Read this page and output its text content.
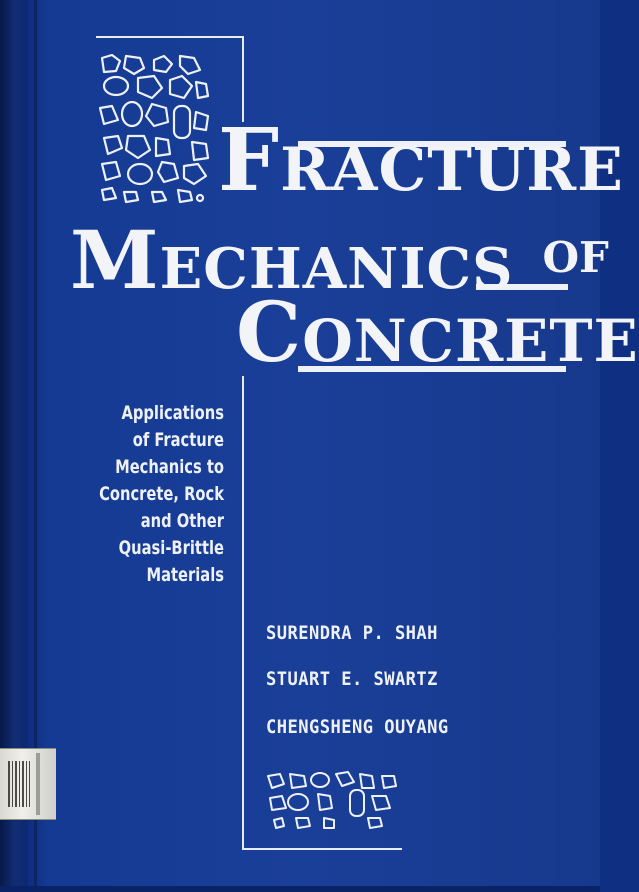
FRACTURE
MECHANICS $^{OF}$
CONCRETE
Applications
of Fracture
Mechanics to
Concrete, Rock
and Other
Quasi-Brittle
Materials
SURENDRA P. SHAH
STUART E. SWARTZ
CHENGSHENG OUYANG
